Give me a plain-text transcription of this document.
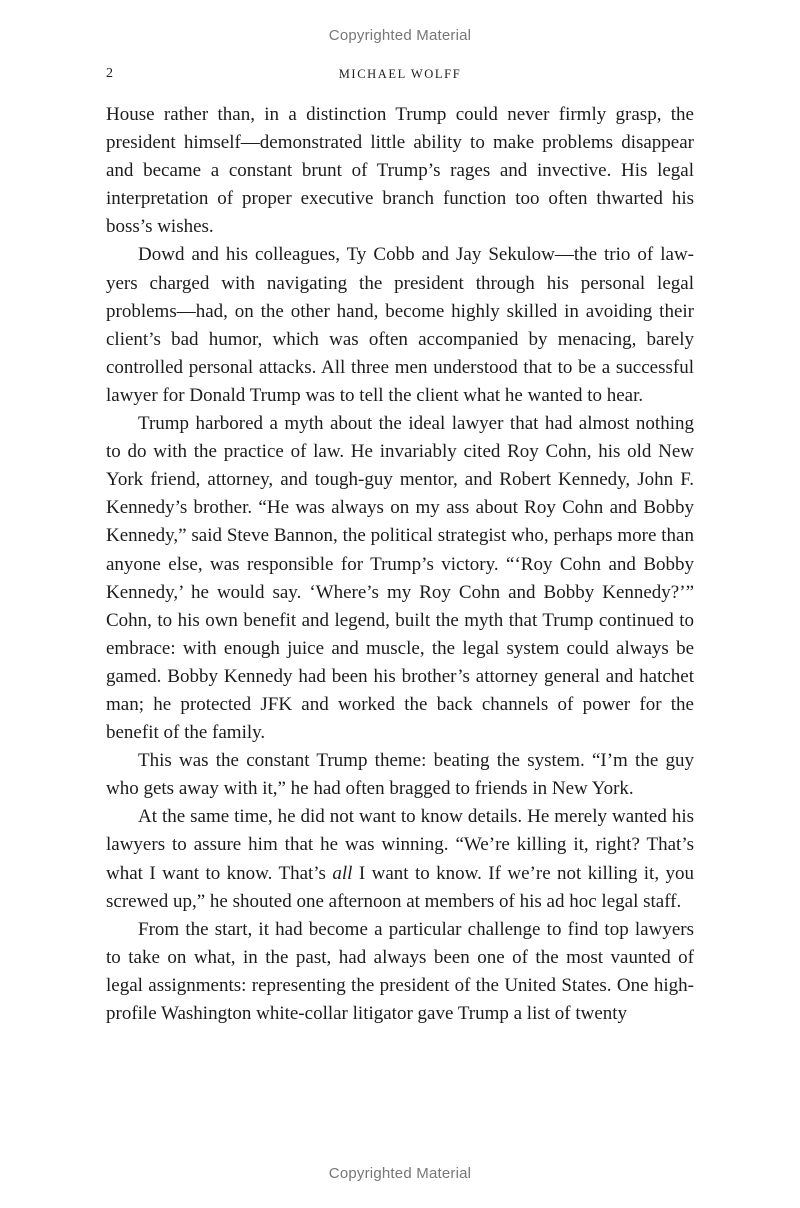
Copyrighted Material
2	MICHAEL WOLFF

House rather than, in a distinction Trump could never firmly grasp, the president himself—demonstrated little ability to make problems disappear and became a constant brunt of Trump’s rages and invective. His legal interpretation of proper executive branch function too often thwarted his boss’s wishes.

Dowd and his colleagues, Ty Cobb and Jay Sekulow—the trio of lawyers charged with navigating the president through his personal legal problems—had, on the other hand, become highly skilled in avoiding their client’s bad humor, which was often accompanied by menacing, barely controlled personal attacks. All three men understood that to be a successful lawyer for Donald Trump was to tell the client what he wanted to hear.

Trump harbored a myth about the ideal lawyer that had almost nothing to do with the practice of law. He invariably cited Roy Cohn, his old New York friend, attorney, and tough-guy mentor, and Robert Kennedy, John F. Kennedy’s brother. “He was always on my ass about Roy Cohn and Bobby Kennedy,” said Steve Bannon, the political strategist who, perhaps more than anyone else, was responsible for Trump’s victory. “‘Roy Cohn and Bobby Kennedy,’ he would say. ‘Where’s my Roy Cohn and Bobby Kennedy?’” Cohn, to his own benefit and legend, built the myth that Trump continued to embrace: with enough juice and muscle, the legal system could always be gamed. Bobby Kennedy had been his brother’s attorney general and hatchet man; he protected JFK and worked the back channels of power for the benefit of the family.

This was the constant Trump theme: beating the system. “I’m the guy who gets away with it,” he had often bragged to friends in New York.

At the same time, he did not want to know details. He merely wanted his lawyers to assure him that he was winning. “We’re killing it, right? That’s what I want to know. That’s all I want to know. If we’re not killing it, you screwed up,” he shouted one afternoon at members of his ad hoc legal staff.

From the start, it had become a particular challenge to find top lawyers to take on what, in the past, had always been one of the most vaunted of legal assignments: representing the president of the United States. One high-profile Washington white-collar litigator gave Trump a list of twenty

Copyrighted Material
